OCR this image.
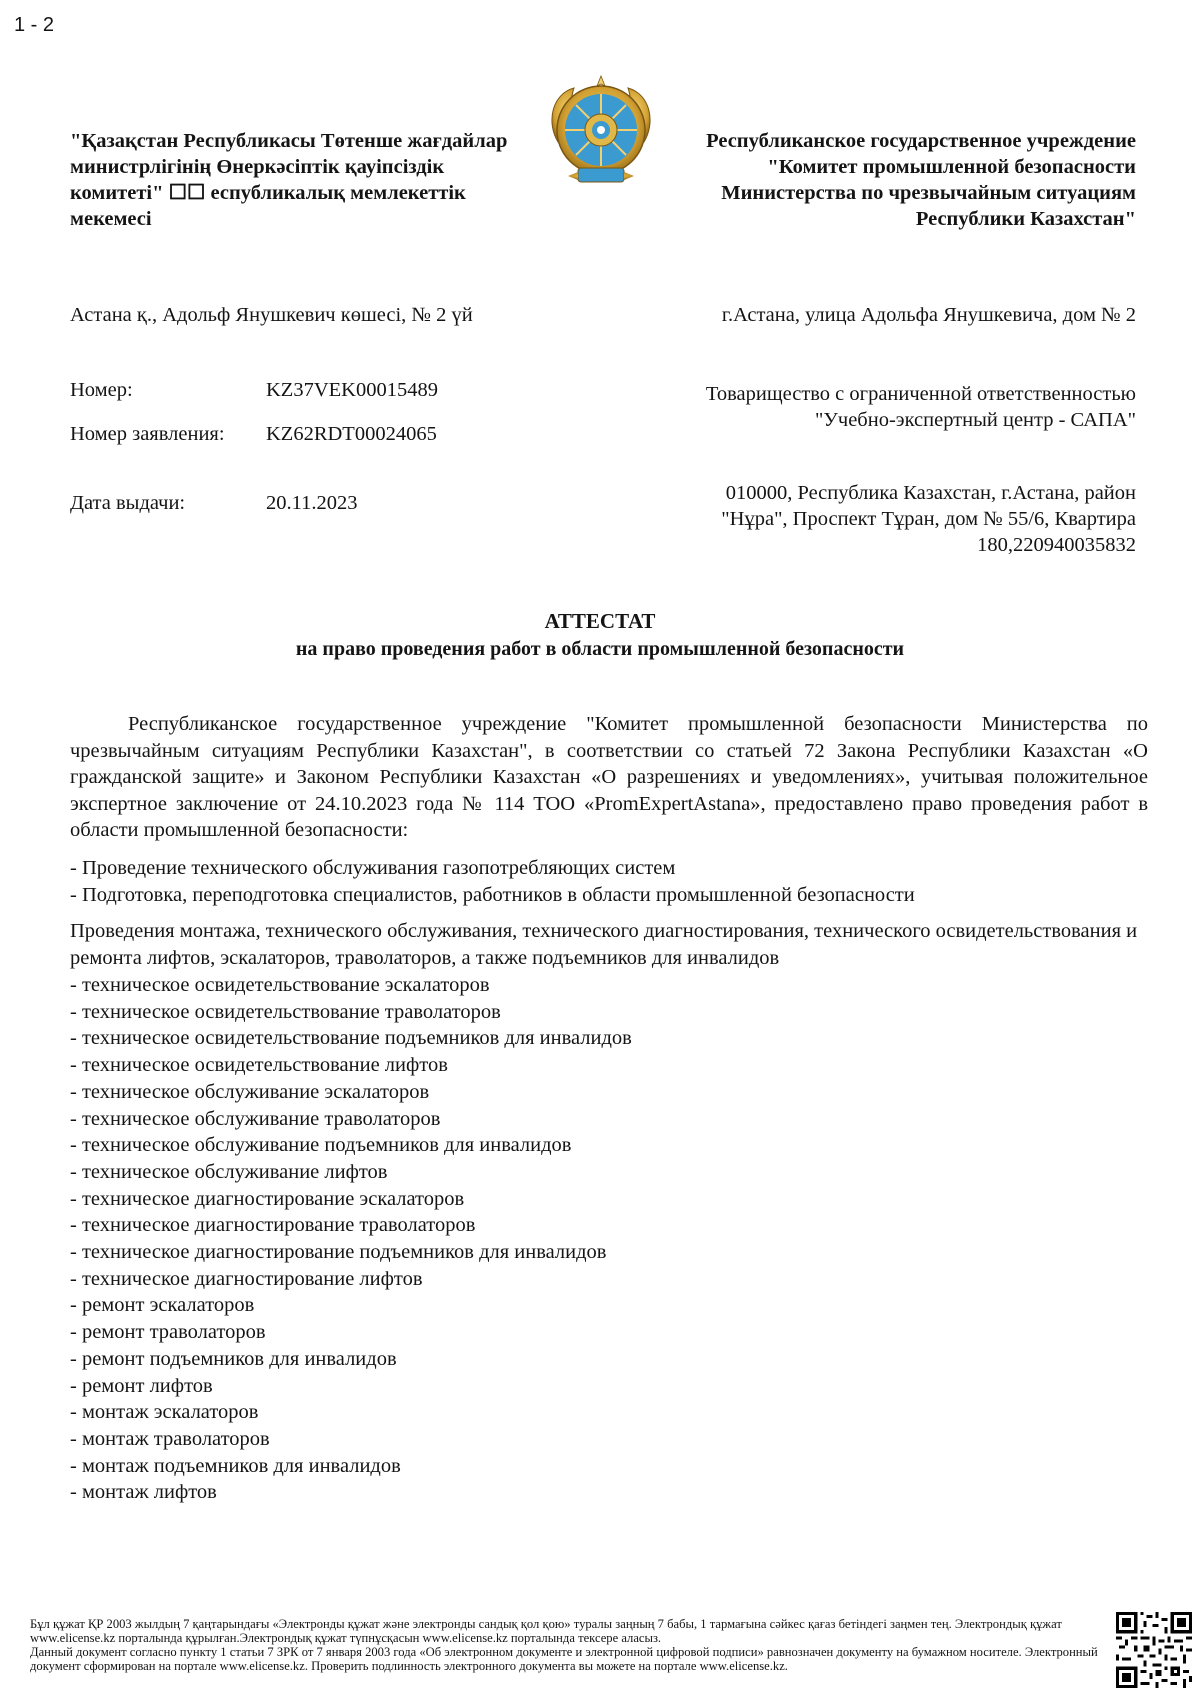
1 - 2
"Қазақстан Республикасы Төтенше жағдайлар министрлігінің Өнеркәсіптік қауіпсіздік комитеті" ☐☐ еспубликалық мемлекеттік мекемесі
Республиканское государственное учреждение "Комитет промышленной безопасности Министерства по чрезвычайным ситуациям Республики Казахстан"
Астана қ., Адольф Янушкевич көшесі, № 2 үй	г.Астана, улица Адольфа Янушкевича, дом № 2
Номер:	KZ37VEK00015489
Номер заявления:	KZ62RDT00024065
Дата выдачи:	20.11.2023
Товарищество с ограниченной ответственностью "Учебно-экспертный центр - САПА"
010000, Республика Казахстан, г.Астана, район "Нұра", Проспект Тұран, дом № 55/6, Квартира 180,220940035832
АТТЕСТАТ
на право проведения работ в области промышленной безопасности
Республиканское государственное учреждение "Комитет промышленной безопасности Министерства по чрезвычайным ситуациям Республики Казахстан", в соответствии со статьей 72 Закона Республики Казахстан «О гражданской защите» и Законом Республики Казахстан «О разрешениях и уведомлениях», учитывая положительное экспертное заключение от 24.10.2023 года № 114 ТОО «PromExpertAstana», предоставлено право проведения работ в области промышленной безопасности:
- Проведение технического обслуживания газопотребляющих систем
- Подготовка, переподготовка специалистов, работников в области промышленной безопасности
Проведения монтажа, технического обслуживания, технического диагностирования, технического освидетельствования и ремонта лифтов, эскалаторов, траволаторов, а также подъемников для инвалидов
- техническое освидетельствование эскалаторов
- техническое освидетельствование траволаторов
- техническое освидетельствование подъемников для инвалидов
- техническое освидетельствование лифтов
- техническое обслуживание эскалаторов
- техническое обслуживание траволаторов
- техническое обслуживание подъемников для инвалидов
- техническое обслуживание лифтов
- техническое диагностирование эскалаторов
- техническое диагностирование траволаторов
- техническое диагностирование подъемников для инвалидов
- техническое диагностирование лифтов
- ремонт эскалаторов
- ремонт траволаторов
- ремонт подъемников для инвалидов
- ремонт лифтов
- монтаж эскалаторов
- монтаж траволаторов
- монтаж подъемников для инвалидов
- монтаж лифтов
Бұл құжат ҚР 2003 жылдың 7 қаңтарындағы «Электронды құжат және электронды сандық қол қою» туралы заңның 7 бабы, 1 тармағына сәйкес қағаз бетіндегі заңмен тең. Электрондық құжат www.elicense.kz порталында құрылған.Электрондық құжат түпнұсқасын www.elicense.kz порталында тексере аласыз.
Данный документ согласно пункту 1 статьи 7 ЗРК от 7 января 2003 года «Об электронном документе и электронной цифровой подписи» равнозначен документу на бумажном носителе. Электронный документ сформирован на портале www.elicense.kz. Проверить подлинность электронного документа вы можете на портале www.elicense.kz.
